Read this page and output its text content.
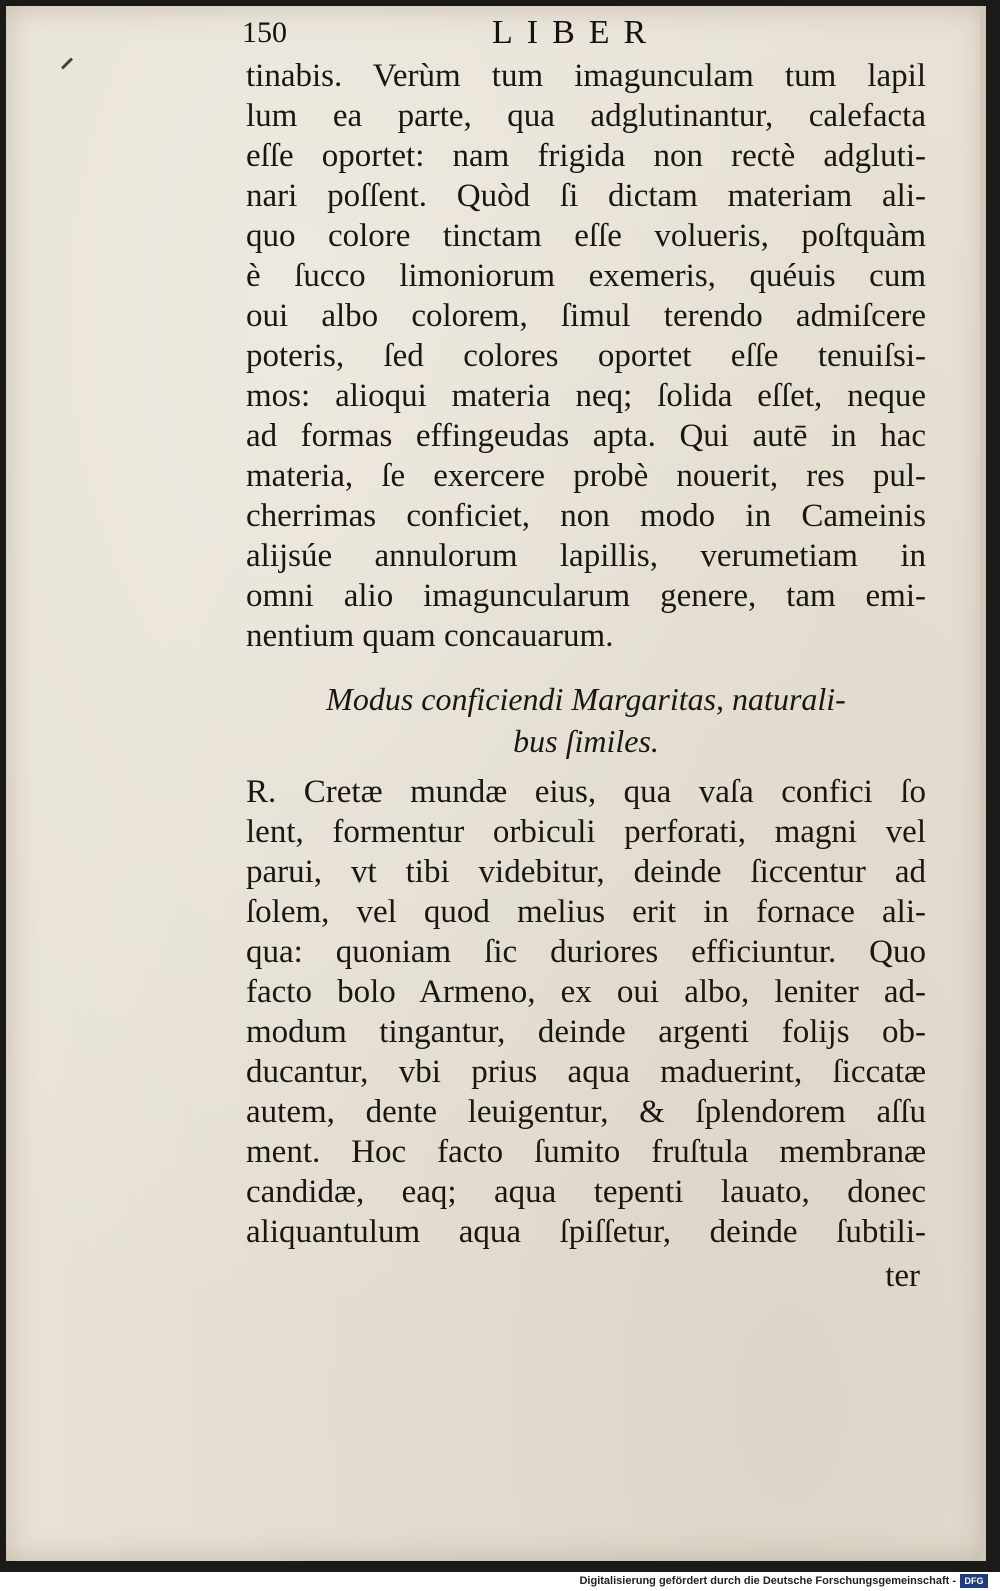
150	LIBER
tinabis. Verùm tum imagunculam tum lapil
lum ea parte, qua adglutinantur, calefacta
eſſe oportet: nam frigida non rectè adgluti-
nari poſſent. Quòd ſi dictam materiam ali-
quo colore tinctam eſſe volueris, poſtquàm
è ſucco limoniorum exemeris, quéuis cum
oui albo colorem, ſimul terendo admiſcere
poteris, ſed colores oportet eſſe tenuiſsi-
mos: alioqui materia neq; ſolida eſſet, neque
ad formas effingeudas apta. Qui autē in hac
materia, ſe exercere probè nouerit, res pul-
cherrimas conficiet, non modo in Cameinis
alijsúe annulorum lapillis, verumetiam in
omni alio imaguncularum genere, tam emi-
nentium quam concauarum.
Modus conficiendi Margaritas, naturali-
bus ſimiles.
R. Cretæ mundæ eius, qua vaſa confici ſo
lent, formentur orbiculi perforati, magni vel
parui, vt tibi videbitur, deinde ſiccentur ad
ſolem, vel quod melius erit in fornace ali-
qua: quoniam ſic duriores efficiuntur. Quo
facto bolo Armeno, ex oui albo, leniter ad-
modum tingantur, deinde argenti folijs ob-
ducantur, vbi prius aqua maduerint, ſiccatæ
autem, dente leuigentur, & ſplendorem aſſu
ment. Hoc facto ſumito fruſtula membranæ
candidæ, eaq; aqua tepenti lauato, donec
aliquantulum aqua ſpiſſetur, deinde ſubtili-
ter
Digitalisierung gefördert durch die Deutsche Forschungsgemeinschaft - DFG
